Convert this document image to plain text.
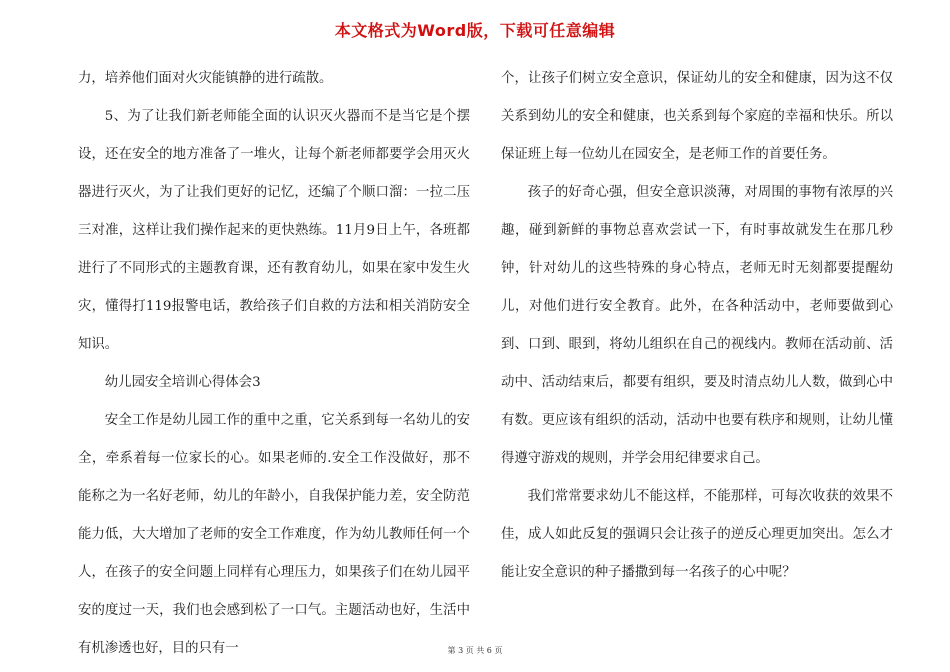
本文格式为Word版，下载可任意编辑

力，培养他们面对火灾能镇静的进行疏散。

5、为了让我们新老师能全面的认识灭火器而不是当它是个摆设，还在安全的地方准备了一堆火，让每个新老师都要学会用灭火器进行灭火，为了让我们更好的记忆，还编了个顺口溜：一拉二压三对准，这样让我们操作起来的更快熟练。11月9日上午，各班都进行了不同形式的主题教育课，还有教育幼儿，如果在家中发生火灾，懂得打119报警电话，教给孩子们自救的方法和相关消防安全知识。

幼儿园安全培训心得体会3

安全工作是幼儿园工作的重中之重，它关系到每一名幼儿的安全，牵系着每一位家长的心。如果老师的.安全工作没做好，那不能称之为一名好老师，幼儿的年龄小，自我保护能力差，安全防范能力低，大大增加了老师的安全工作难度，作为幼儿教师任何一个人，在孩子的安全问题上同样有心理压力，如果孩子们在幼儿园平安的度过一天，我们也会感到松了一口气。主题活动也好，生活中有机渗透也好，目的只有一

个，让孩子们树立安全意识，保证幼儿的安全和健康，因为这不仅关系到幼儿的安全和健康，也关系到每个家庭的幸福和快乐。所以保证班上每一位幼儿在园安全，是老师工作的首要任务。

孩子的好奇心强，但安全意识淡薄，对周围的事物有浓厚的兴趣，碰到新鲜的事物总喜欢尝试一下，有时事故就发生在那几秒钟，针对幼儿的这些特殊的身心特点，老师无时无刻都要提醒幼儿，对他们进行安全教育。此外，在各种活动中，老师要做到心到、口到、眼到，将幼儿组织在自己的视线内。教师在活动前、活动中、活动结束后，都要有组织，要及时清点幼儿人数，做到心中有数。更应该有组织的活动，活动中也要有秩序和规则，让幼儿懂得遵守游戏的规则，并学会用纪律要求自己。

我们常常要求幼儿不能这样，不能那样，可每次收获的效果不佳，成人如此反复的强调只会让孩子的逆反心理更加突出。怎么才能让安全意识的种子播撒到每一名孩子的心中呢？

第 3 页 共 6 页
